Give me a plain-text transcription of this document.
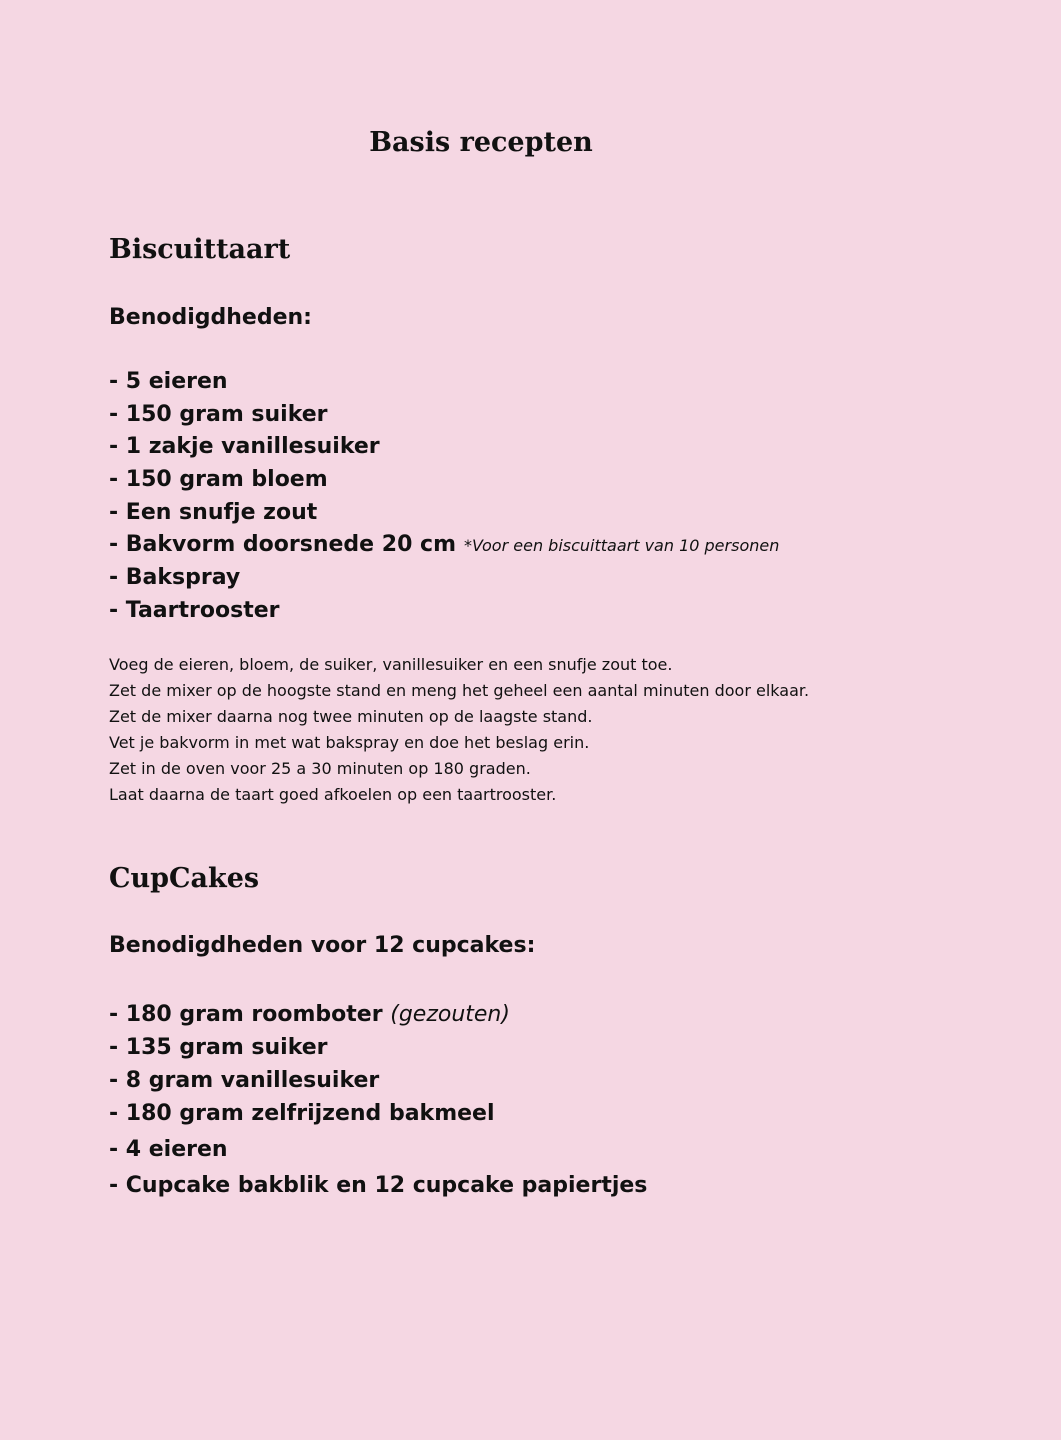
Basis recepten
Biscuittaart
Benodigdheden:
- 5 eieren
- 150 gram suiker
- 1 zakje vanillesuiker
- 150 gram bloem
- Een snufje zout
- Bakvorm doorsnede 20 cm *Voor een biscuittaart van 10 personen
- Bakspray
- Taartrooster
Voeg de eieren, bloem, de suiker, vanillesuiker en een snufje zout toe.
Zet de mixer op de hoogste stand en meng het geheel een aantal minuten door elkaar.
Zet de mixer daarna nog twee minuten op de laagste stand.
Vet je bakvorm in met wat bakspray en doe het beslag erin.
Zet in de oven voor 25 a 30 minuten op 180 graden.
Laat daarna de taart goed afkoelen op een taartrooster.
CupCakes
Benodigdheden voor 12 cupcakes:
- 180 gram roomboter (gezouten)
- 135 gram suiker
- 8 gram vanillesuiker
- 180 gram zelfrijzend bakmeel
- 4 eieren
- Cupcake bakblik en 12 cupcake papiertjes
